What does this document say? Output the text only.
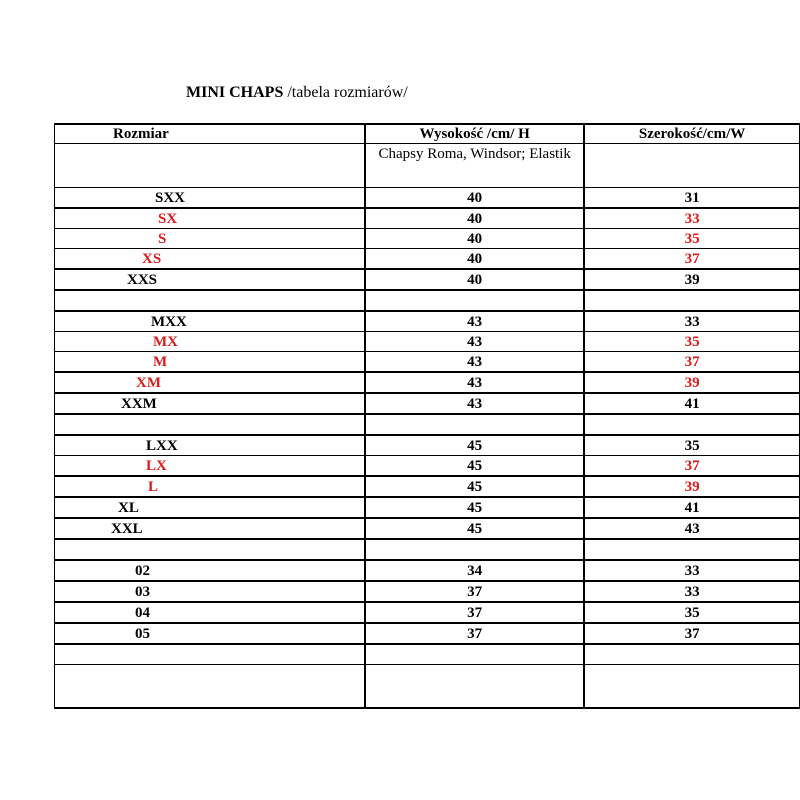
MINI CHAPS /tabela rozmiarów/
Rozmiar	Wysokość /cm/ H	Szerokość/cm/W
	Chapsy Roma, Windsor; Elastik	
SXX	40	31
SX	40	33
S	40	35
XS	40	37
XXS	40	39

MXX	43	33
MX	43	35
M	43	37
XM	43	39
XXM	43	41

LXX	45	35
LX	45	37
L	45	39
XL	45	41
XXL	45	43

02	34	33
03	37	33
04	37	35
05	37	37
